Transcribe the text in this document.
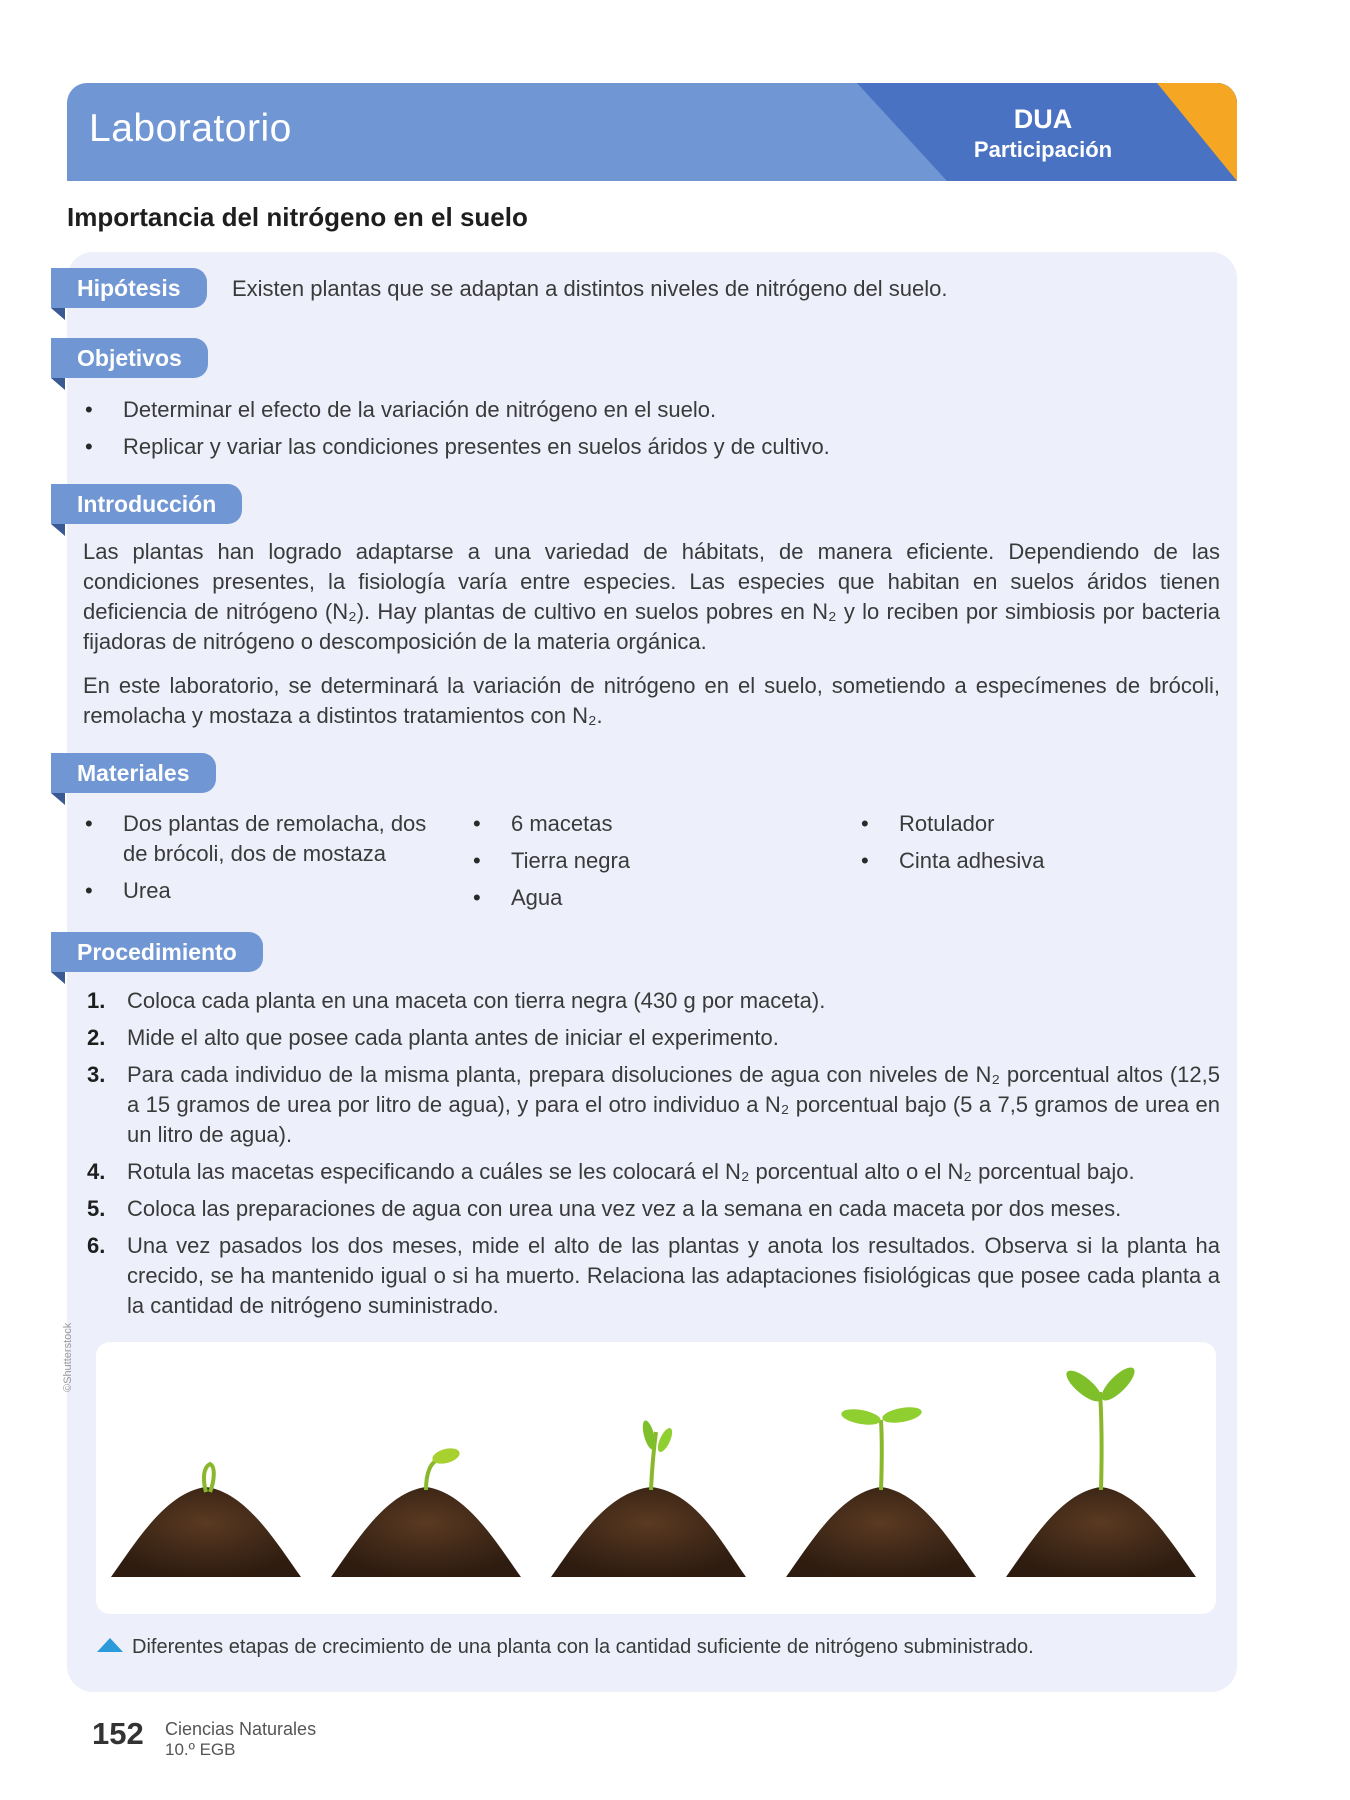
Laboratorio	DUA
Participación
Importancia del nitrógeno en el suelo
Hipótesis	Existen plantas que se adaptan a distintos niveles de nitrógeno del suelo.
Objetivos
• Determinar el efecto de la variación de nitrógeno en el suelo.
• Replicar y variar las condiciones presentes en suelos áridos y de cultivo.
Introducción

Las plantas han logrado adaptarse a una variedad de hábitats, de manera eficiente. Dependiendo de las condiciones presentes, la fisiología varía entre especies. Las especies que habitan en suelos áridos tienen deficiencia de nitrógeno (N₂). Hay plantas de cultivo en suelos pobres en N₂ y lo reciben por simbiosis por bacteria fijadoras de nitrógeno o descomposición de la materia orgánica.

En este laboratorio, se determinará la variación de nitrógeno en el suelo, sometiendo a especímenes de brócoli, remolacha y mostaza a distintos tratamientos con N₂.

Materiales
• Dos plantas de remolacha, dos de brócoli, dos de mostaza
• Urea
• 6 macetas
• Tierra negra
• Agua
• Rotulador
• Cinta adhesiva
Procedimiento
1. Coloca cada planta en una maceta con tierra negra (430 g por maceta).
2. Mide el alto que posee cada planta antes de iniciar el experimento.
3. Para cada individuo de la misma planta, prepara disoluciones de agua con niveles de N₂ porcentual altos (12,5 a 15 gramos de urea por litro de agua), y para el otro individuo a N₂ porcentual bajo (5 a 7,5 gramos de urea en un litro de agua).
4. Rotula las macetas especificando a cuáles se les colocará el N₂ porcentual alto o el N₂ porcentual bajo.
5. Coloca las preparaciones de agua con urea una vez vez a la semana en cada maceta por dos meses.
6. Una vez pasados los dos meses, mide el alto de las plantas y anota los resultados. Observa si la planta ha crecido, se ha mantenido igual o si ha muerto. Relaciona las adaptaciones fisiológicas que posee cada planta a la cantidad de nitrógeno suministrado.
©Shutterstock
Diferentes etapas de crecimiento de una planta con la cantidad suficiente de nitrógeno subministrado.
152 Ciencias Naturales
10.º EGB
